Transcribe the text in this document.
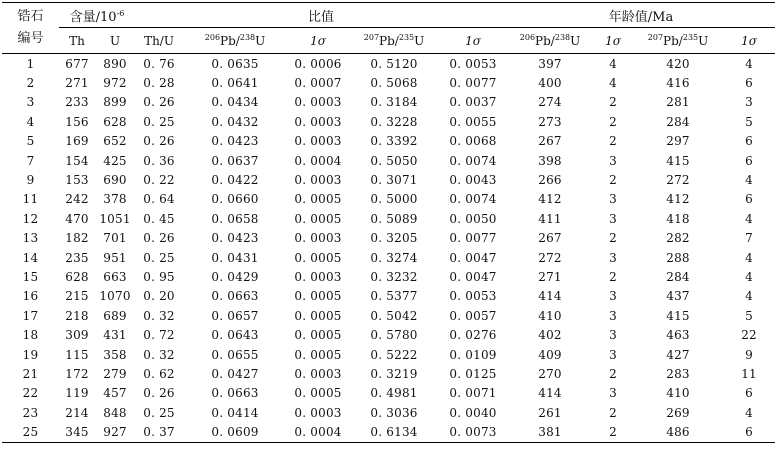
锆石
编号	含量$/10^{-6}$		比值					年龄值/Ma			
	Th	U	Th/U	$^{206}$Pb/$^{238}$U	1σ	$^{207}$Pb/$^{235}$U	1σ	$^{206}$Pb/$^{238}$U	1σ	$^{207}$Pb/$^{235}$U	1σ
1	677	890	0. 76	0. 0635	0. 0006	0. 5120	0. 0053	397	4	420	4
2	271	972	0. 28	0. 0641	0. 0007	0. 5068	0. 0077	400	4	416	6
3	233	899	0. 26	0. 0434	0. 0003	0. 3184	0. 0037	274	2	281	3
4	156	628	0. 25	0. 0432	0. 0003	0. 3228	0. 0055	273	2	284	5
5	169	652	0. 26	0. 0423	0. 0003	0. 3392	0. 0068	267	2	297	6
7	154	425	0. 36	0. 0637	0. 0004	0. 5050	0. 0074	398	3	415	6
9	153	690	0. 22	0. 0422	0. 0003	0. 3071	0. 0043	266	2	272	4
11	242	378	0. 64	0. 0660	0. 0005	0. 5000	0. 0074	412	3	412	6
12	470	1051	0. 45	0. 0658	0. 0005	0. 5089	0. 0050	411	3	418	4
13	182	701	0. 26	0. 0423	0. 0003	0. 3205	0. 0077	267	2	282	7
14	235	951	0. 25	0. 0431	0. 0005	0. 3274	0. 0047	272	3	288	4
15	628	663	0. 95	0. 0429	0. 0003	0. 3232	0. 0047	271	2	284	4
16	215	1070	0. 20	0. 0663	0. 0005	0. 5377	0. 0053	414	3	437	4
17	218	689	0. 32	0. 0657	0. 0005	0. 5042	0. 0057	410	3	415	5
18	309	431	0. 72	0. 0643	0. 0005	0. 5780	0. 0276	402	3	463	22
19	115	358	0. 32	0. 0655	0. 0005	0. 5222	0. 0109	409	3	427	9
21	172	279	0. 62	0. 0427	0. 0003	0. 3219	0. 0125	270	2	283	11
22	119	457	0. 26	0. 0663	0. 0005	0. 4981	0. 0071	414	3	410	6
23	214	848	0. 25	0. 0414	0. 0003	0. 3036	0. 0040	261	2	269	4
25	345	927	0. 37	0. 0609	0. 0004	0. 6134	0. 0073	381	2	486	6
